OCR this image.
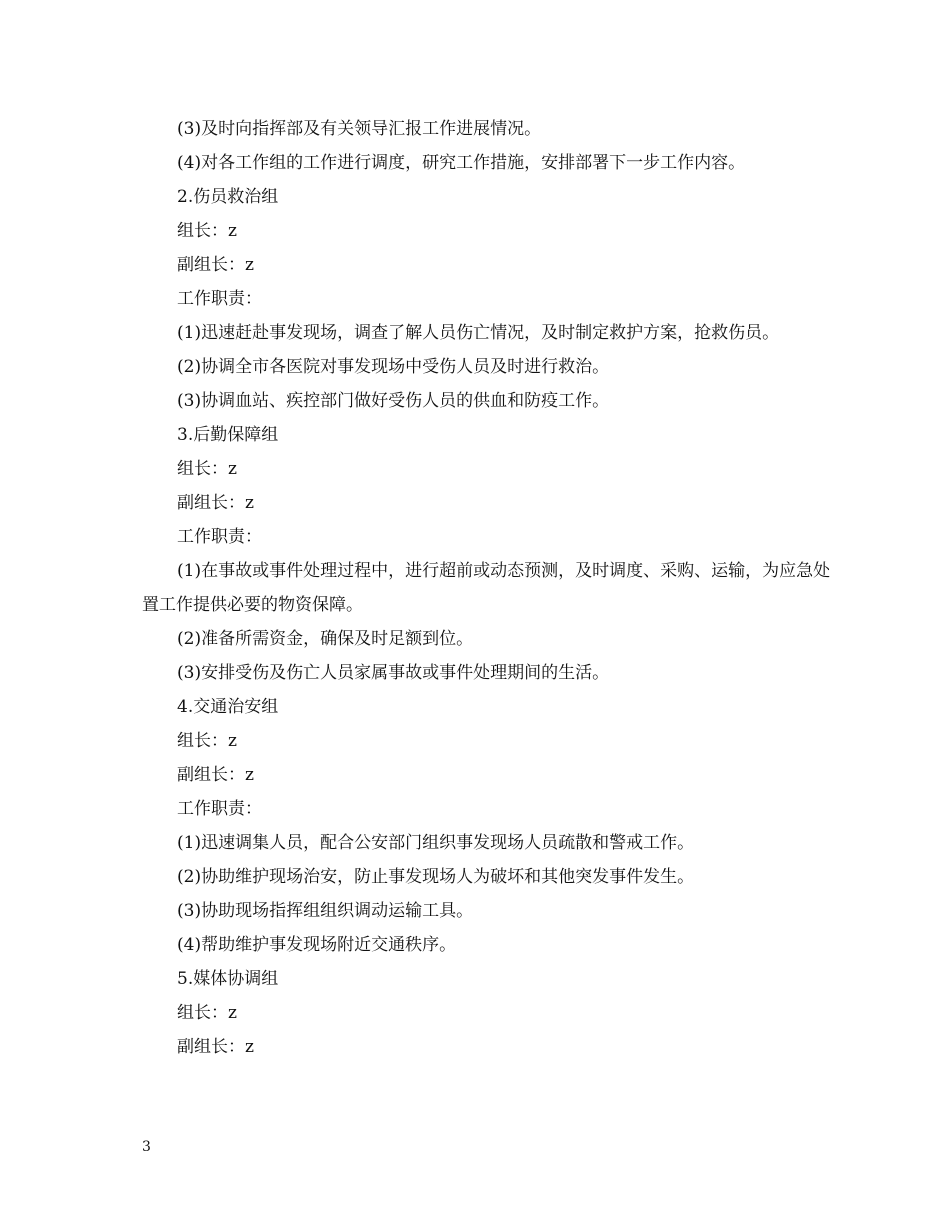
(3)及时向指挥部及有关领导汇报工作进展情况。

(4)对各工作组的工作进行调度，研究工作措施，安排部署下一步工作内容。

2.伤员救治组

组长：z

副组长：z

工作职责：

(1)迅速赶赴事发现场，调查了解人员伤亡情况，及时制定救护方案，抢救伤员。

(2)协调全市各医院对事发现场中受伤人员及时进行救治。

(3)协调血站、疾控部门做好受伤人员的供血和防疫工作。

3.后勤保障组

组长：z

副组长：z

工作职责：

(1)在事故或事件处理过程中，进行超前或动态预测，及时调度、采购、运输，为应急处置工作提供必要的物资保障。

(2)准备所需资金，确保及时足额到位。

(3)安排受伤及伤亡人员家属事故或事件处理期间的生活。

4.交通治安组

组长：z

副组长：z

工作职责：

(1)迅速调集人员，配合公安部门组织事发现场人员疏散和警戒工作。

(2)协助维护现场治安，防止事发现场人为破坏和其他突发事件发生。

(3)协助现场指挥组组织调动运输工具。

(4)帮助维护事发现场附近交通秩序。

5.媒体协调组

组长：z

副组长：z

3
